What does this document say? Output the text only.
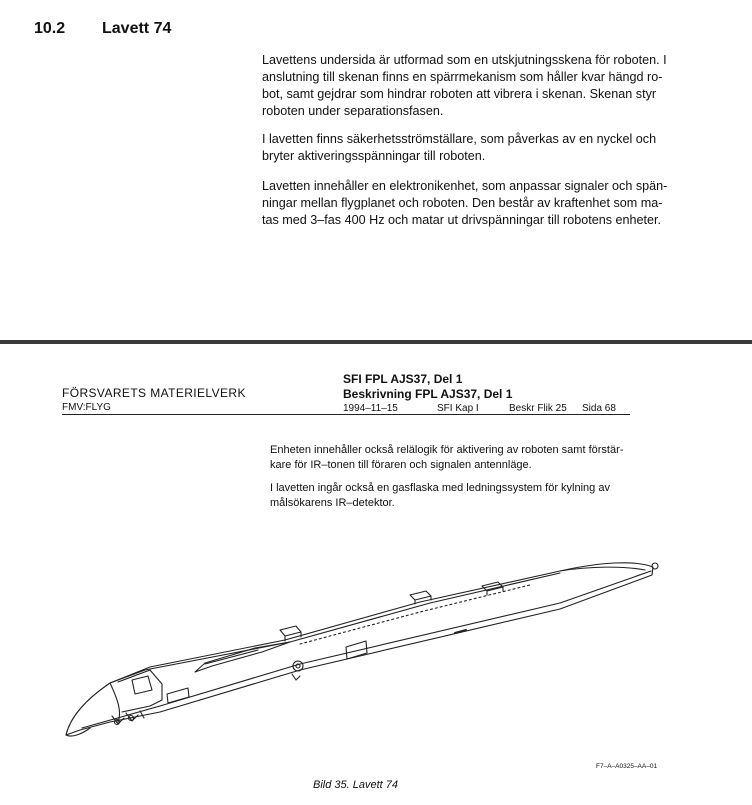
10.2 Lavett 74

Lavettens undersida är utformad som en utskjutningsskena för roboten. I
anslutning till skenan finns en spärrmekanism som håller kvar hängd ro-
bot, samt gejdrar som hindrar roboten att vibrera i skenan. Skenan styr
roboten under separationsfasen.

I lavetten finns säkerhetsströmställare, som påverkas av en nyckel och
bryter aktiveringsspänningar till roboten.

Lavetten innehåller en elektronikenhet, som anpassar signaler och spän-
ningar mellan flygplanet och roboten. Den består av kraftenhet som ma-
tas med 3–fas 400 Hz och matar ut drivspänningar till robotens enheter.

FÖRSVARETS MATERIELVERK
FMV:FLYG
SFI FPL AJS37, Del 1
Beskrivning FPL AJS37, Del 1
1994–11–15	SFI Kap I	Beskr Flik 25 Sida 68

Enheten innehåller också relälogik för aktivering av roboten samt förstär-
kare för IR–tonen till föraren och signalen antennläge.

I lavetten ingår också en gasflaska med ledningssystem för kylning av
målsökarens IR–detektor.

F7–A–A0325–AA–01
Bild 35. Lavett 74
